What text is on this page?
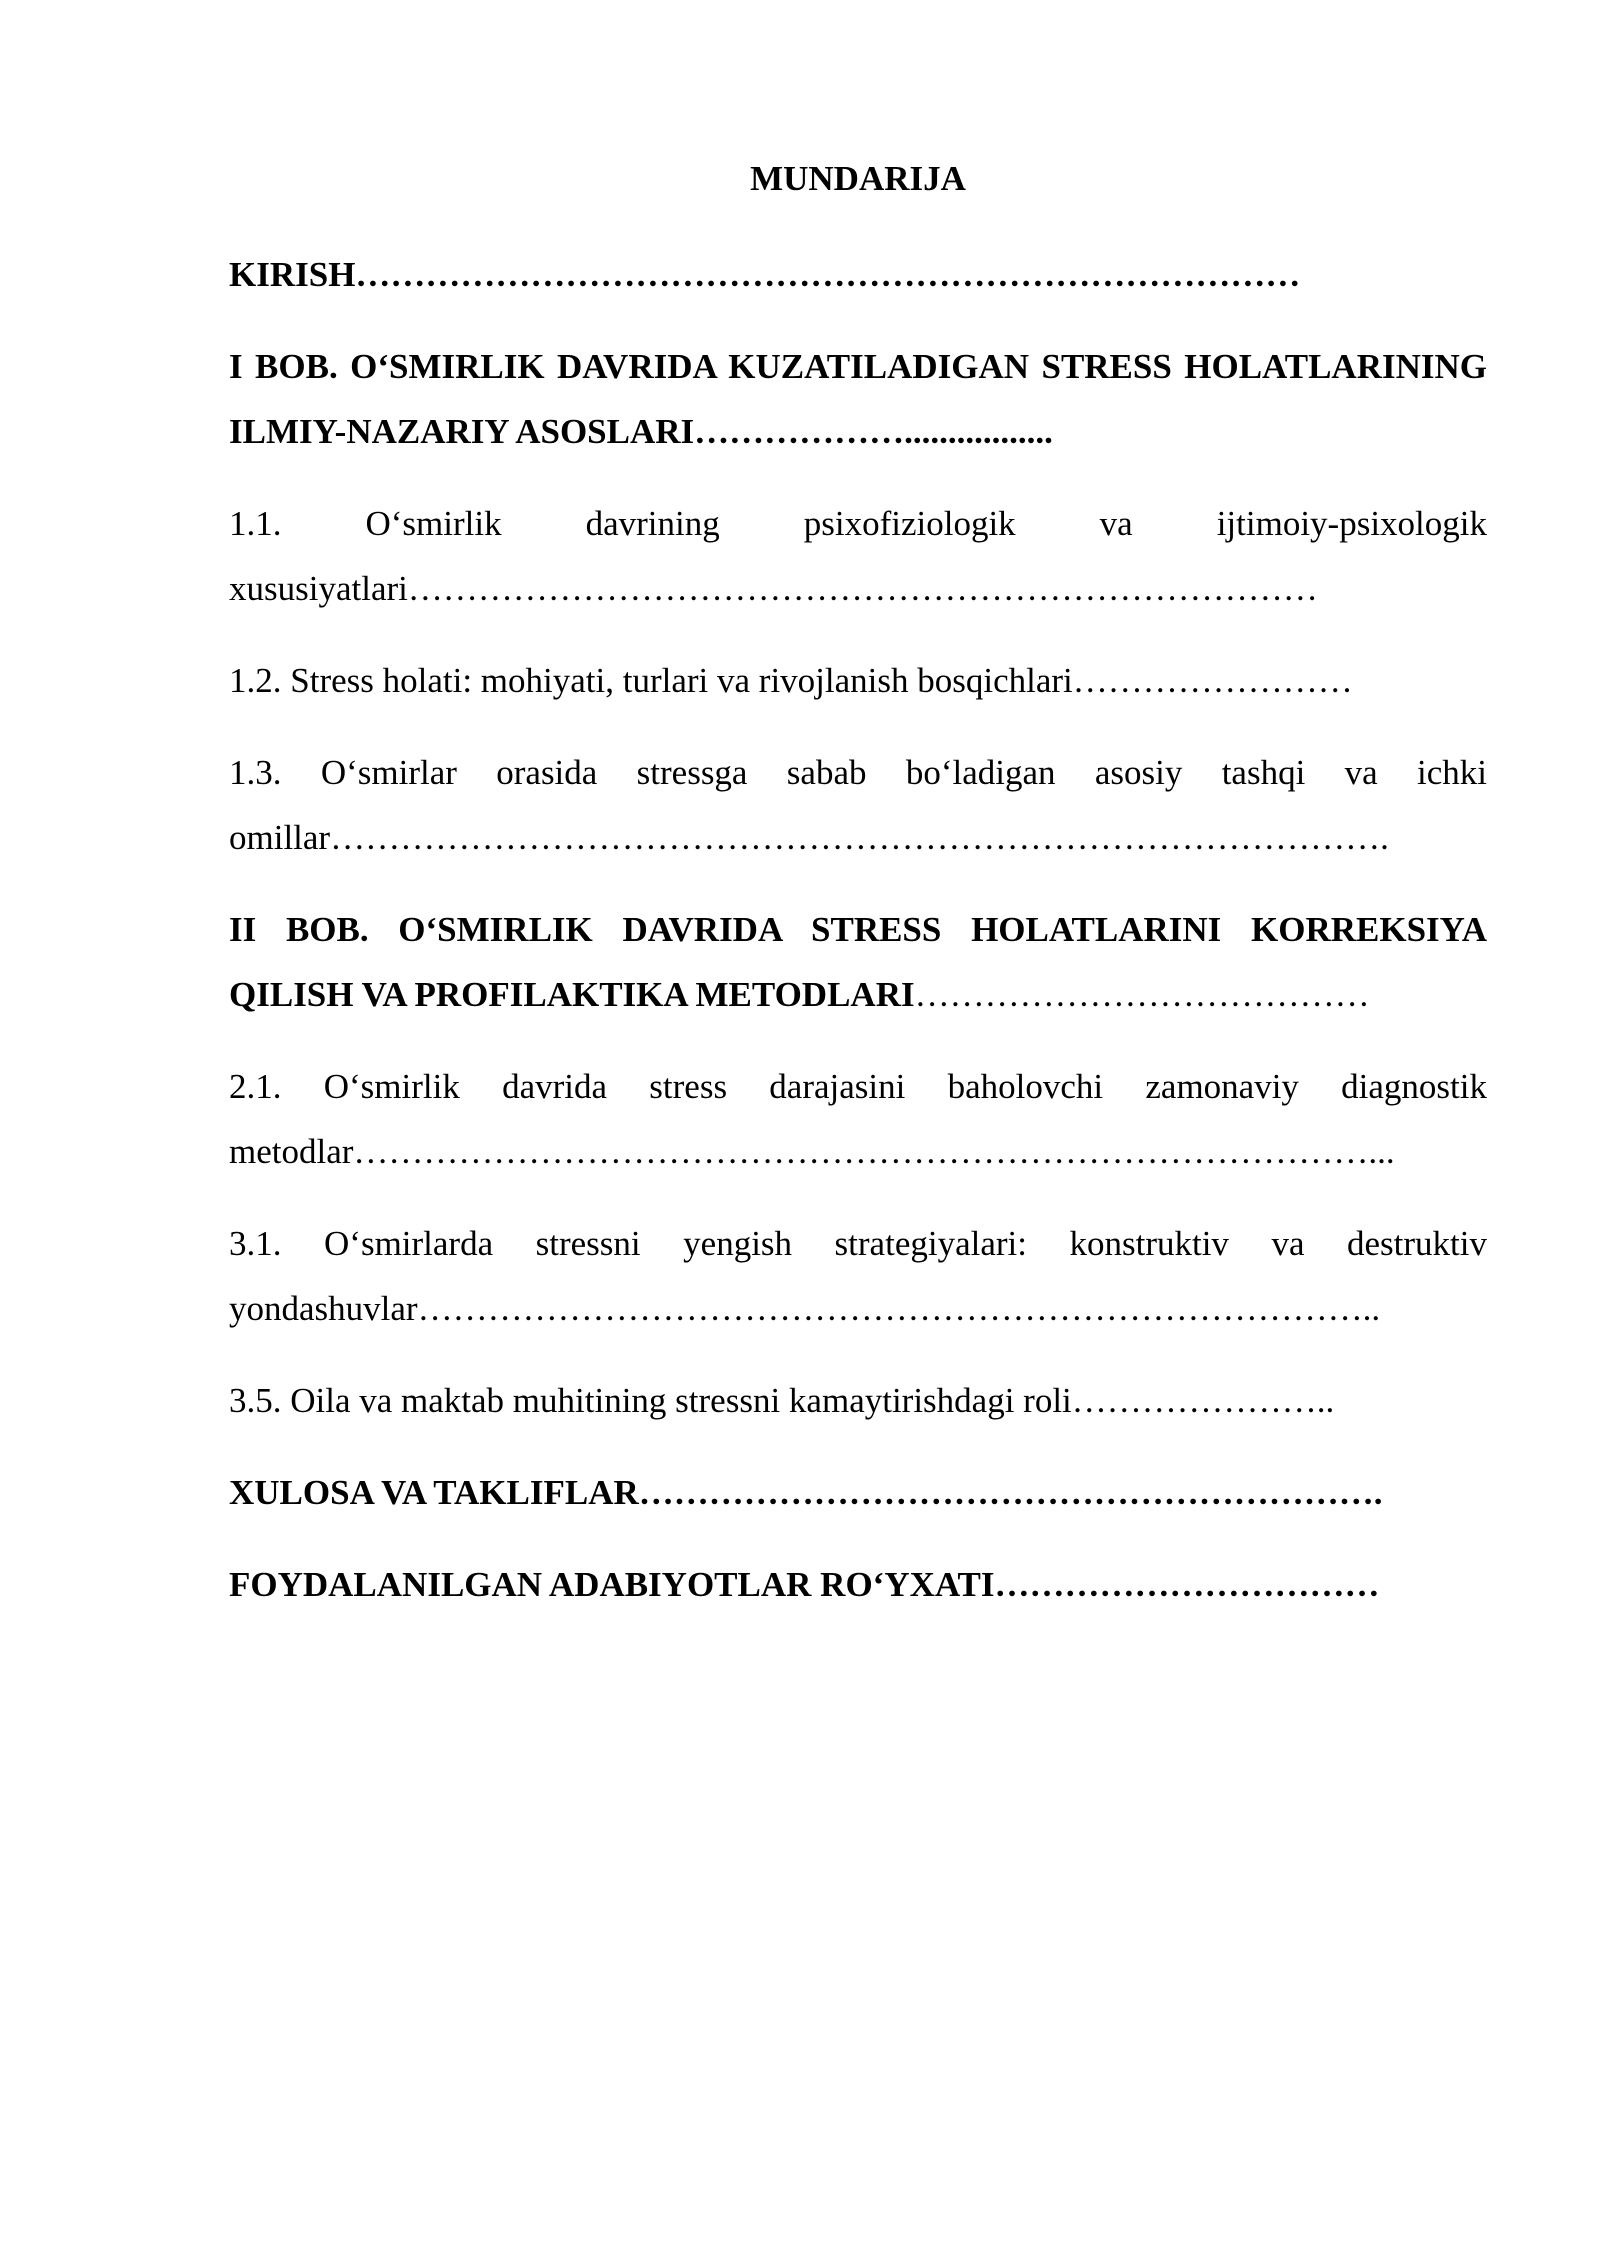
MUNDARIJA
KIRISH………………………………………………………………………
I BOB. O‘SMIRLIK DAVRIDA KUZATILADIGAN STRESS HOLATLARINING ILMIY-NAZARIY ASOSLARI……………….................
1.1. O‘smirlik davrining psixofiziologik va ijtimoiy-psixologik xususiyatlari……………………………………………………………………
1.2. Stress holati: mohiyati, turlari va rivojlanish bosqichlari……………………
1.3. O‘smirlar orasida stressga sabab bo‘ladigan asosiy tashqi va ichki omillar……………………………………………………………………………….
II BOB. O‘SMIRLIK DAVRIDA STRESS HOLATLARINI KORREKSIYA QILISH VA PROFILAKTIKA METODLARI…………………………………
2.1. O‘smirlik davrida stress darajasini baholovchi zamonaviy diagnostik metodlar……………………………………………………………………………...
3.1. O‘smirlarda stressni yengish strategiyalari: konstruktiv va destruktiv yondashuvlar………………………………………………………………………..
3.5. Oila va maktab muhitining stressni kamaytirishdagi roli…………………..
XULOSA VA TAKLIFLAR……………………………………………………….
FOYDALANILGAN ADABIYOTLAR RO‘YXATI……………………………
